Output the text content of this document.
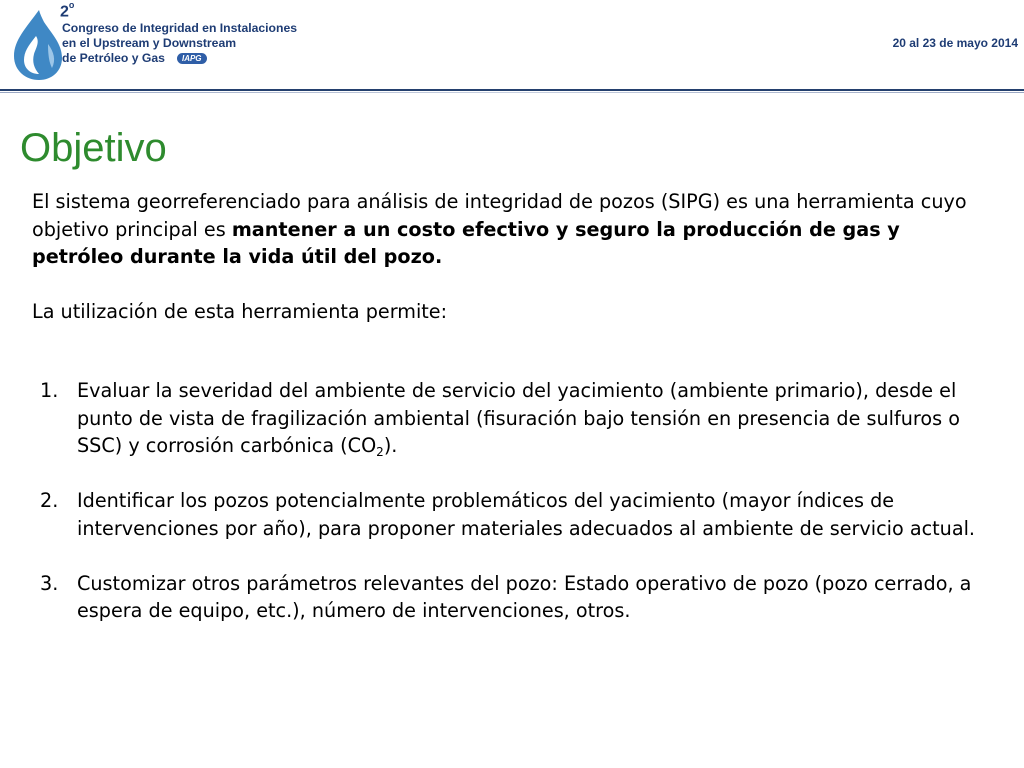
2$^o$
Congreso de Integridad en Instalaciones
en el Upstream y Downstream
de Petróleo y Gas IAPG
20 al 23 de mayo 2014
Objetivo

El sistema georreferenciado para análisis de integridad de pozos (SIPG) es una herramienta cuyo objetivo principal es mantener a un costo efectivo y seguro la producción de gas y petróleo durante la vida útil del pozo.

La utilización de esta herramienta permite:

1. Evaluar la severidad del ambiente de servicio del yacimiento (ambiente primario), desde el punto de vista de fragilización ambiental (fisuración bajo tensión en presencia de sulfuros o SSC) y corrosión carbónica $(CO_2)$.
2. Identificar los pozos potencialmente problemáticos del yacimiento (mayor índices de intervenciones por año), para proponer materiales adecuados al ambiente de servicio actual.
3. Customizar otros parámetros relevantes del pozo: Estado operativo de pozo (pozo cerrado, a espera de equipo, etc.), número de intervenciones, otros.
